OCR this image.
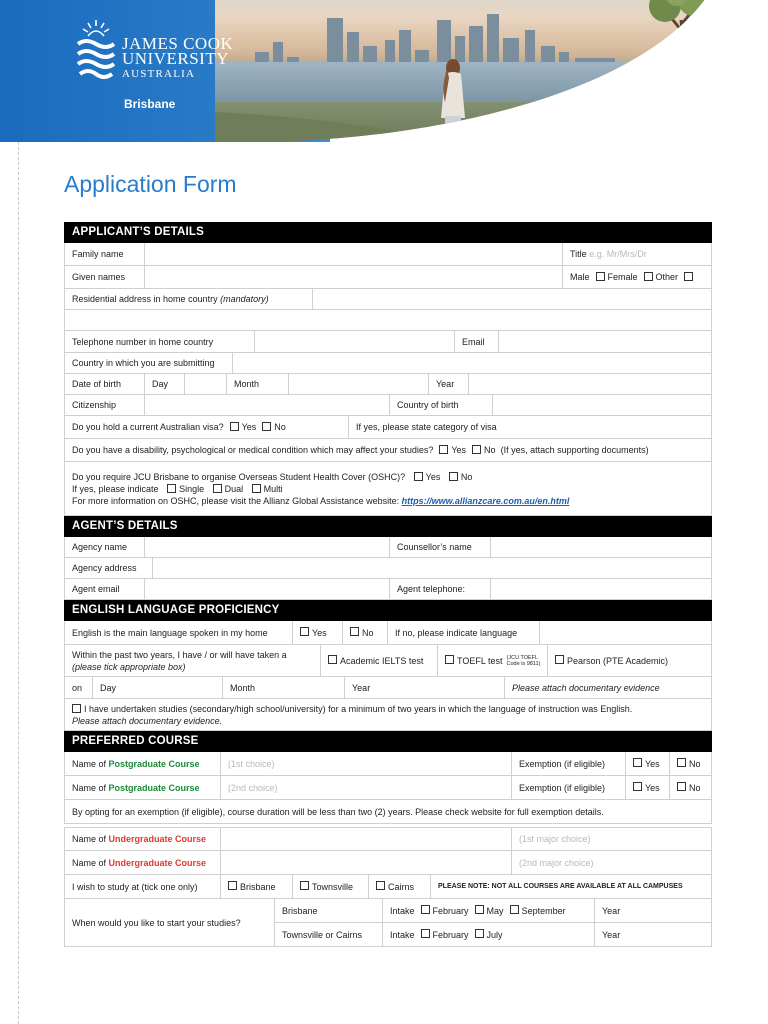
JAMES COOK
UNIVERSITY
AUSTRALIA
Brisbane
Application Form
APPLICANT’S DETAILS
Family name	Title
e.g. Mr/Mrs/Dr
Given names	Male Female Other
Residential address in home country
(mandatory)
Telephone number in home country	Email
Country in which you are submitting
Date of birth	Day	Month	Year
Citizenship	Country of birth
Do you hold a current Australian visa? Yes No	If yes, please state category of visa
Do you have a disability, psychological or medical condition which may affect your studies? Yes No
(If yes, attach supporting documents)
Do you require JCU Brisbane to organise Overseas Student Health Cover (OSHC)? Yes No
If yes, please indicate Single Dual Multi
For more information on OSHC, please visit the Allianz Global Assistance website: https://www.allianzcare.com.au/en.html
AGENT’S DETAILS
Agency name	Counsellor’s name
Agency address
Agent email	Agent telephone:
ENGLISH LANGUAGE PROFICIENCY
English is the main language spoken in my home	Yes	No	If no, please indicate language
Within the past two years, I have / or will have taken a
(please tick appropriate box)
Academic IELTS test	TOEFL test (JCU TOEFL Code is 9811)	Pearson (PTE Academic)
on	Day	Month	Year	Please attach documentary evidence
I have undertaken studies (secondary/high school/university) for a minimum of two years in which the language of instruction was English.
Please attach documentary evidence.
PREFERRED COURSE
Name of
Postgraduate Course	(1st choice)	Exemption (if eligible)	Yes	No
Name of
Postgraduate Course	(2nd choice)	Exemption (if eligible)	Yes	No
By opting for an exemption (if eligible), course duration will be less than two (2) years. Please check website for full exemption details.
Name of
Undergraduate Course	(1st major choice)
Name of
Undergraduate Course	(2nd major choice)
I wish to study at (tick one only)	Brisbane	Townsville	Cairns	PLEASE NOTE: NOT ALL COURSES ARE AVAILABLE AT ALL CAMPUSES
When would you like to start your studies?
Brisbane	Intake February May September	Year
Townsville or Cairns	Intake February July	Year
